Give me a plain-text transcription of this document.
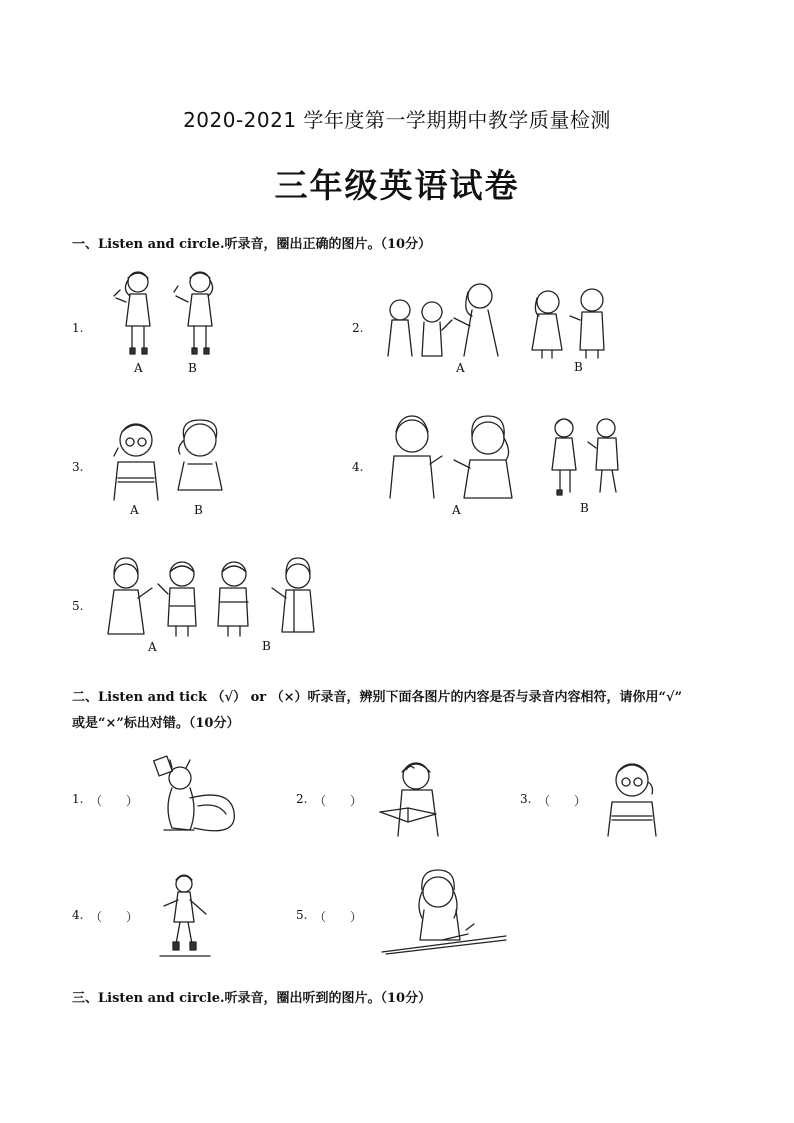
2020-2021 学年度第一学期期中教学质量检测
三年级英语试卷
一、Listen and circle.听录音，圈出正确的图片。（10分）
1.
A	B
2.
A	B
3.
A	B
4.
A	B
5.
A	B
二、Listen and tick （√） or （×）听录音，辨别下面各图片的内容是否与录音内容相符，请你用“√”
或是“×”标出对错。（10分）
1. （　　）	2. （　　）	3. （　　）
4. （　　）	5. （　　）
三、Listen and circle.听录音，圈出听到的图片。（10分）
